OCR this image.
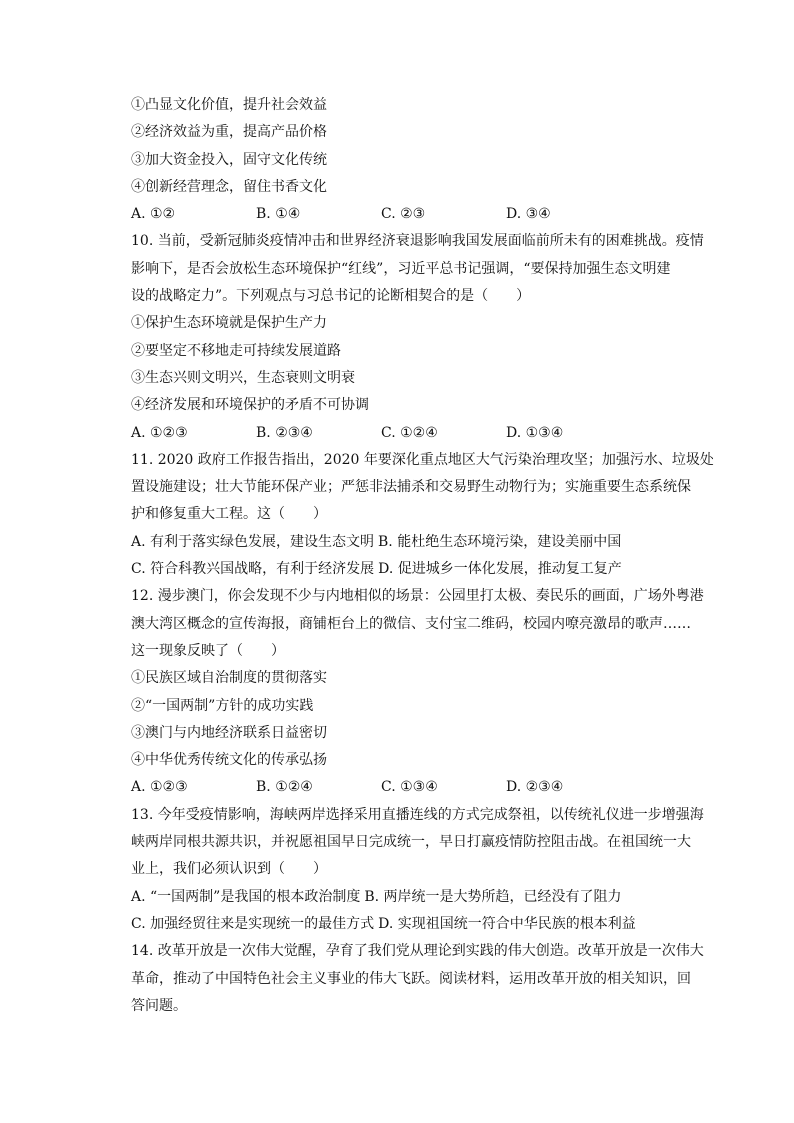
①凸显文化价值，提升社会效益
②经济效益为重，提高产品价格
③加大资金投入，固守文化传统
④创新经营理念，留住书香文化
A. ①②	B. ①④	C. ②③	D. ③④
10. 当前，受新冠肺炎疫情冲击和世界经济衰退影响我国发展面临前所未有的困难挑战。疫情
影响下，是否会放松生态环境保护“红线”，习近平总书记强调，“要保持加强生态文明建
设的战略定力”。下列观点与习总书记的论断相契合的是（　　）
①保护生态环境就是保护生产力
②要坚定不移地走可持续发展道路
③生态兴则文明兴，生态衰则文明衰
④经济发展和环境保护的矛盾不可协调
A. ①②③	B. ②③④	C. ①②④	D. ①③④
11. 2020 政府工作报告指出，2020 年要深化重点地区大气污染治理攻坚；加强污水、垃圾处
置设施建设；壮大节能环保产业；严惩非法捕杀和交易野生动物行为；实施重要生态系统保
护和修复重大工程。这（　　）
A. 有利于落实绿色发展，建设生态文明 B. 能杜绝生态环境污染，建设美丽中国
C. 符合科教兴国战略，有利于经济发展 D. 促进城乡一体化发展，推动复工复产
12. 漫步澳门，你会发现不少与内地相似的场景：公园里打太极、奏民乐的画面，广场外粤港
澳大湾区概念的宣传海报，商铺柜台上的微信、支付宝二维码，校园内嘹亮激昂的歌声……
这一现象反映了（　　）
①民族区域自治制度的贯彻落实
②“一国两制”方针的成功实践
③澳门与内地经济联系日益密切
④中华优秀传统文化的传承弘扬
A. ①②③	B. ①②④	C. ①③④	D. ②③④
13. 今年受疫情影响，海峡两岸选择采用直播连线的方式完成祭祖，以传统礼仪进一步增强海
峡两岸同根共源共识，并祝愿祖国早日完成统一，早日打赢疫情防控阻击战。在祖国统一大
业上，我们必须认识到（　　）
A. “一国两制”是我国的根本政治制度 B. 两岸统一是大势所趋，已经没有了阻力
C. 加强经贸往来是实现统一的最佳方式 D. 实现祖国统一符合中华民族的根本利益
14. 改革开放是一次伟大觉醒，孕育了我们党从理论到实践的伟大创造。改革开放是一次伟大
革命，推动了中国特色社会主义事业的伟大飞跃。阅读材料，运用改革开放的相关知识，回
答问题。
